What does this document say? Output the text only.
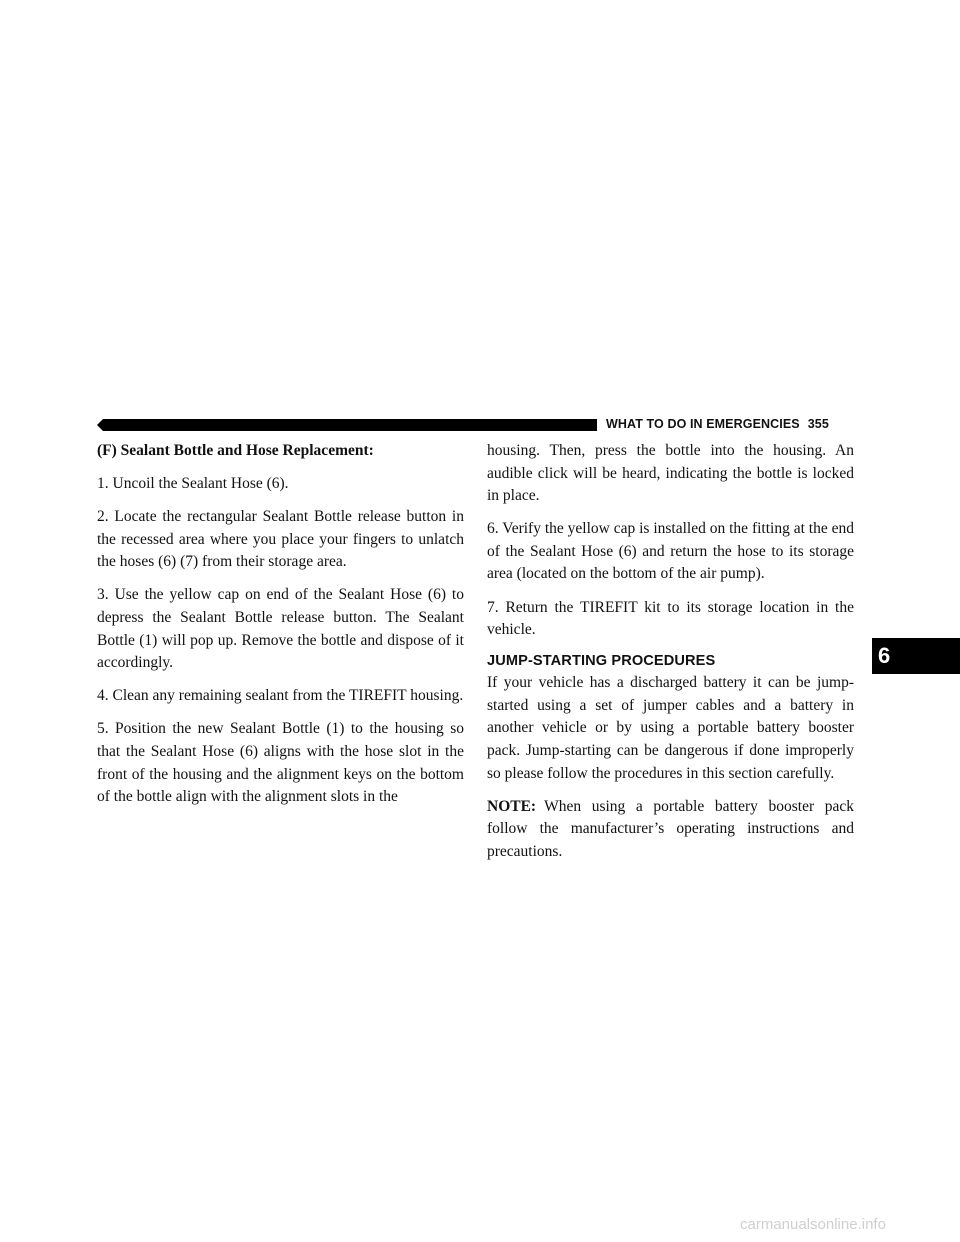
WHAT TO DO IN EMERGENCIES 355

(F) Sealant Bottle and Hose Replacement:

1. Uncoil the Sealant Hose (6).

2. Locate the rectangular Sealant Bottle release button in the recessed area where you place your fingers to unlatch the hoses (6) (7) from their storage area.

3. Use the yellow cap on end of the Sealant Hose (6) to depress the Sealant Bottle release button. The Sealant Bottle (1) will pop up. Remove the bottle and dispose of it accordingly.

4. Clean any remaining sealant from the TIREFIT housing.

5. Position the new Sealant Bottle (1) to the housing so that the Sealant Hose (6) aligns with the hose slot in the front of the housing and the alignment keys on the bottom of the bottle align with the alignment slots in the

housing. Then, press the bottle into the housing. An audible click will be heard, indicating the bottle is locked in place.

6. Verify the yellow cap is installed on the fitting at the end of the Sealant Hose (6) and return the hose to its storage area (located on the bottom of the air pump).

7. Return the TIREFIT kit to its storage location in the vehicle.

JUMP-STARTING PROCEDURES

If your vehicle has a discharged battery it can be jumpstarted using a set of jumper cables and a battery in another vehicle or by using a portable battery booster pack. Jump-starting can be dangerous if done improperly so please follow the procedures in this section carefully.

NOTE: When using a portable battery booster pack follow the manufacturer’s operating instructions and precautions.

6
carmanualsonline.info
